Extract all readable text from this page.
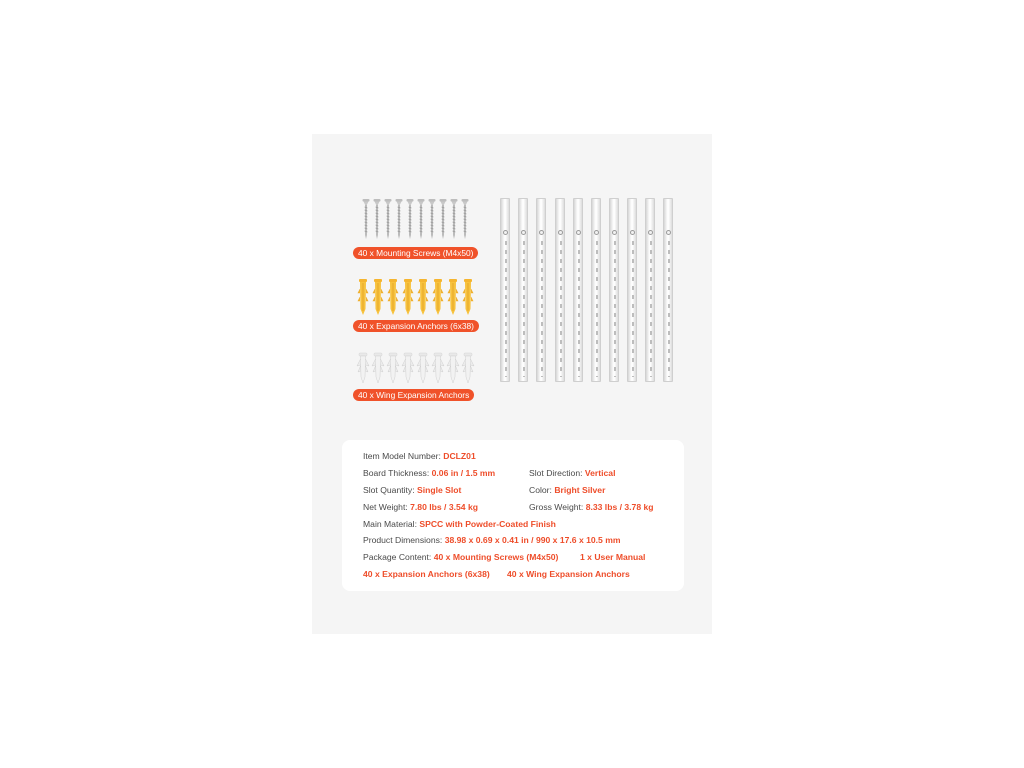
40 x Mounting Screws (M4x50)
40 x Expansion Anchors (6x38)
40 x Wing Expansion Anchors
Item Model Number: DCLZ01
Board Thickness: 0.06 in / 1.5 mm	Slot Direction: Vertical
Slot Quantity: Single Slot	Color: Bright Silver
Net Weight: 7.80 lbs / 3.54 kg	Gross Weight: 8.33 lbs / 3.78 kg
Main Material: SPCC with Powder-Coated Finish
Product Dimensions: 38.98 x 0.69 x 0.41 in / 990 x 17.6 x 10.5 mm
Package Content: 40 x Mounting Screws (M4x50)	1 x User Manual
40 x Expansion Anchors (6x38) 40 x Wing Expansion Anchors
